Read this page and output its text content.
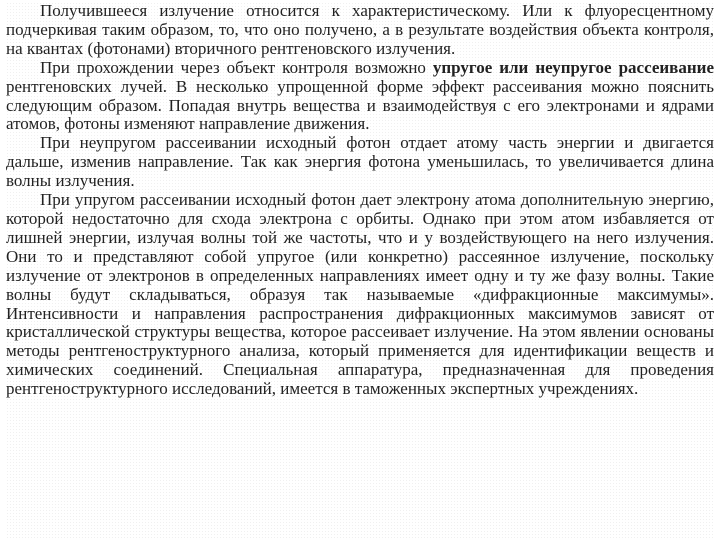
Получившееся излучение относится к характеристическому. Или к флуоресцентному подчеркивая таким образом, то, что оно получено, а в результате воздействия объекта контроля, на квантах (фотонами) вторичного рентгеновского излучения.

При прохождении через объект контроля возможно упругое или неупругое рассеивание рентгеновских лучей. В несколько упрощенной форме эффект рассеивания можно пояснить следующим образом. Попадая внутрь вещества и взаимодействуя с его электронами и ядрами атомов, фотоны изменяют направление движения.

При неупругом рассеивании исходный фотон отдает атому часть энергии и двигается дальше, изменив направление. Так как энергия фотона уменьшилась, то увеличивается длина волны излучения.

При упругом рассеивании исходный фотон дает электрону атома дополнительную энергию, которой недостаточно для схода электрона с орбиты. Однако при этом атом избавляется от лишней энергии, излучая волны той же частоты, что и у воздействующего на него излучения. Они то и представляют собой упругое (или конкретно) рассеянное излучение, поскольку излучение от электронов в определенных направлениях имеет одну и ту же фазу волны. Такие волны будут складываться, образуя так называемые «дифракционные максимумы». Интенсивности и направления распространения дифракционных максимумов зависят от кристаллической структуры вещества, которое рассеивает излучение. На этом явлении основаны методы рентгеноструктурного анализа, который применяется для идентификации веществ и химических соединений. Специальная аппаратура, предназначенная для проведения рентгеноструктурного исследований, имеется в таможенных экспертных учреждениях.
